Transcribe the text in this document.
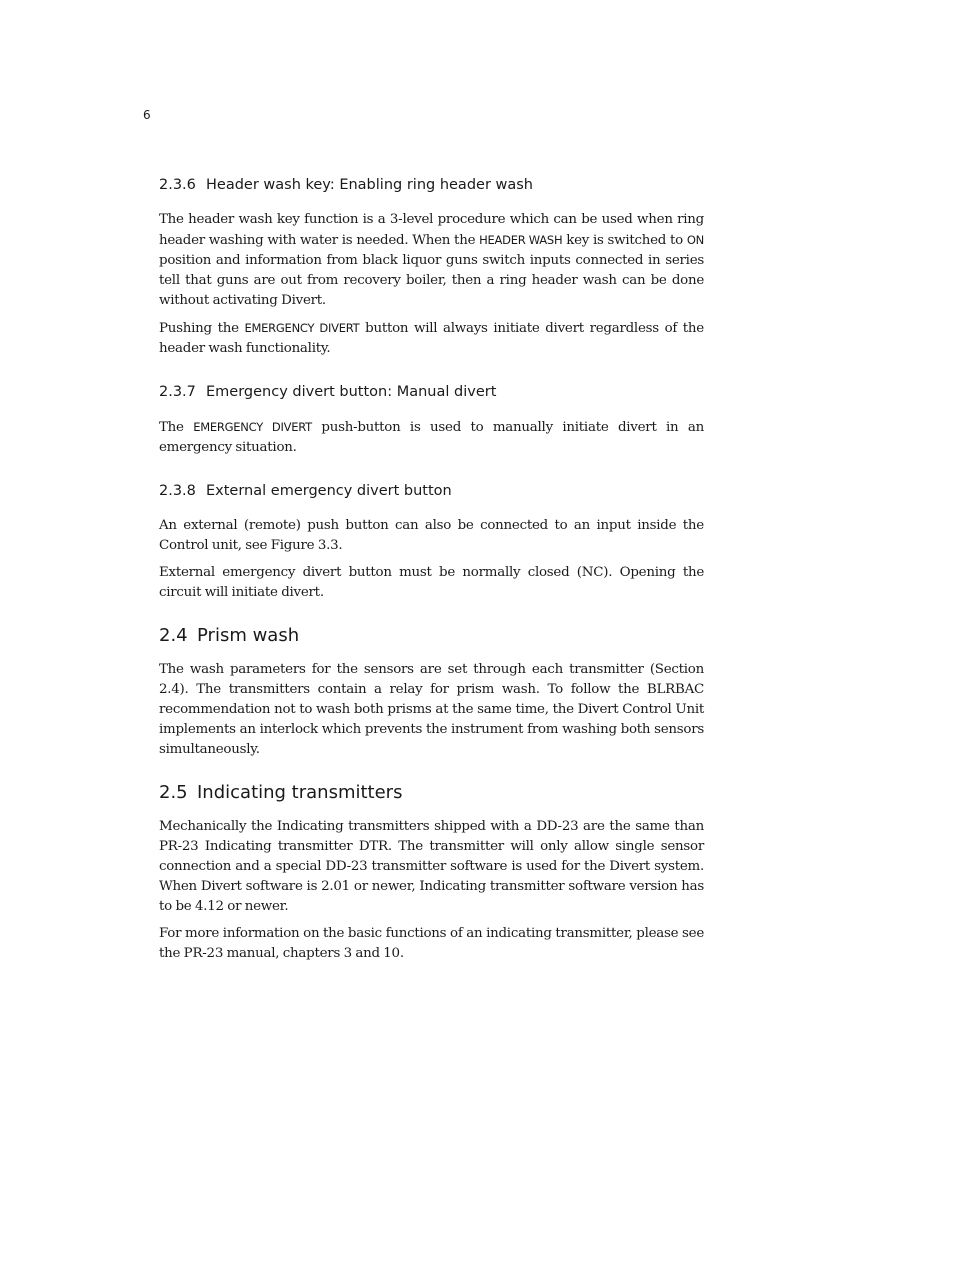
6
2.3.6 Header wash key: Enabling ring header wash

The header wash key function is a 3-level procedure which can be used when ring header washing with water is needed. When the HEADER WASH key is switched to ON position and information from black liquor guns switch inputs connected in series tell that guns are out from recovery boiler, then a ring header wash can be done without activating Divert.

Pushing the EMERGENCY DIVERT button will always initiate divert regardless of the header wash functionality.

2.3.7 Emergency divert button: Manual divert

The EMERGENCY DIVERT push-button is used to manually initiate divert in an emergency situation.

2.3.8 External emergency divert button

An external (remote) push button can also be connected to an input inside the Control unit, see Figure 3.3.

External emergency divert button must be normally closed (NC). Opening the circuit will initiate divert.

2.4 Prism wash

The wash parameters for the sensors are set through each transmitter (Section 2.4). The transmitters contain a relay for prism wash. To follow the BLRBAC recommendation not to wash both prisms at the same time, the Divert Control Unit implements an interlock which prevents the instrument from washing both sensors simultaneously.

2.5 Indicating transmitters

Mechanically the Indicating transmitters shipped with a DD-23 are the same than PR-23 Indicating transmitter DTR. The transmitter will only allow single sensor connection and a special DD-23 transmitter software is used for the Divert system. When Divert software is 2.01 or newer, Indicating transmitter software version has to be 4.12 or newer.

For more information on the basic functions of an indicating transmitter, please see the PR-23 manual, chapters 3 and 10.
